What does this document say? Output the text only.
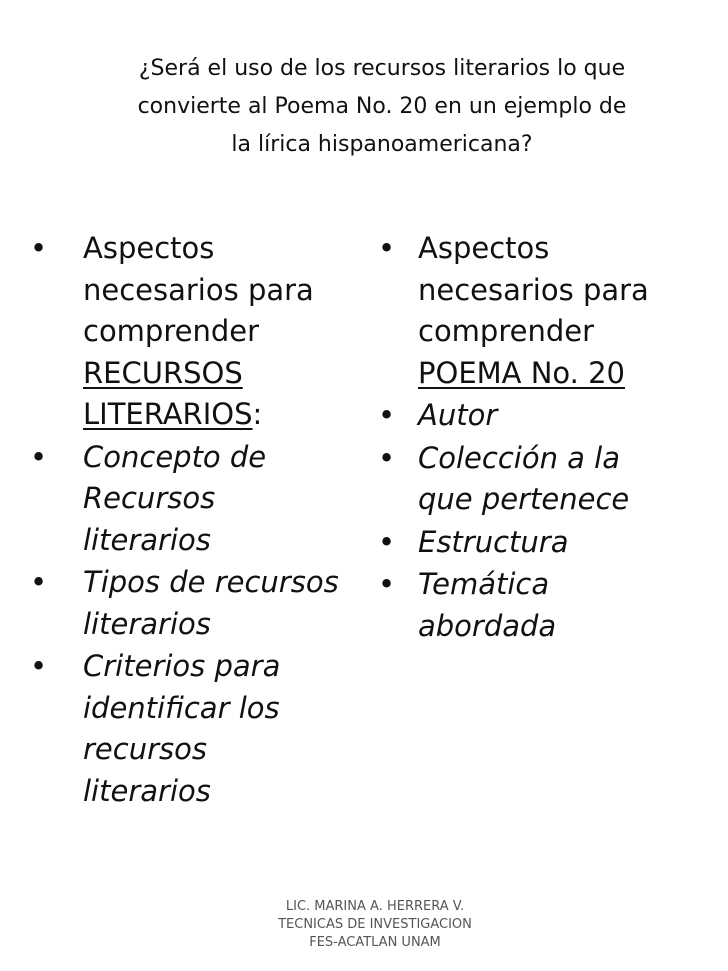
¿Será el uso de los recursos literarios lo que
convierte al Poema No. 20 en un ejemplo de
la lírica hispanoamericana?
•	Aspectos
necesarios para
comprender
RECURSOS
LITERARIOS:
•	Concepto de
Recursos
literarios
•	Tipos de recursos
literarios
•	Criterios para
identificar los
recursos
literarios
• Aspectos
necesarios para
comprender
POEMA No. 20
• Autor
• Colección a la
que pertenece
• Estructura
• Temática
abordada
LIC. MARINA A. HERRERA V.
TECNICAS DE INVESTIGACION
FES-ACATLAN UNAM
